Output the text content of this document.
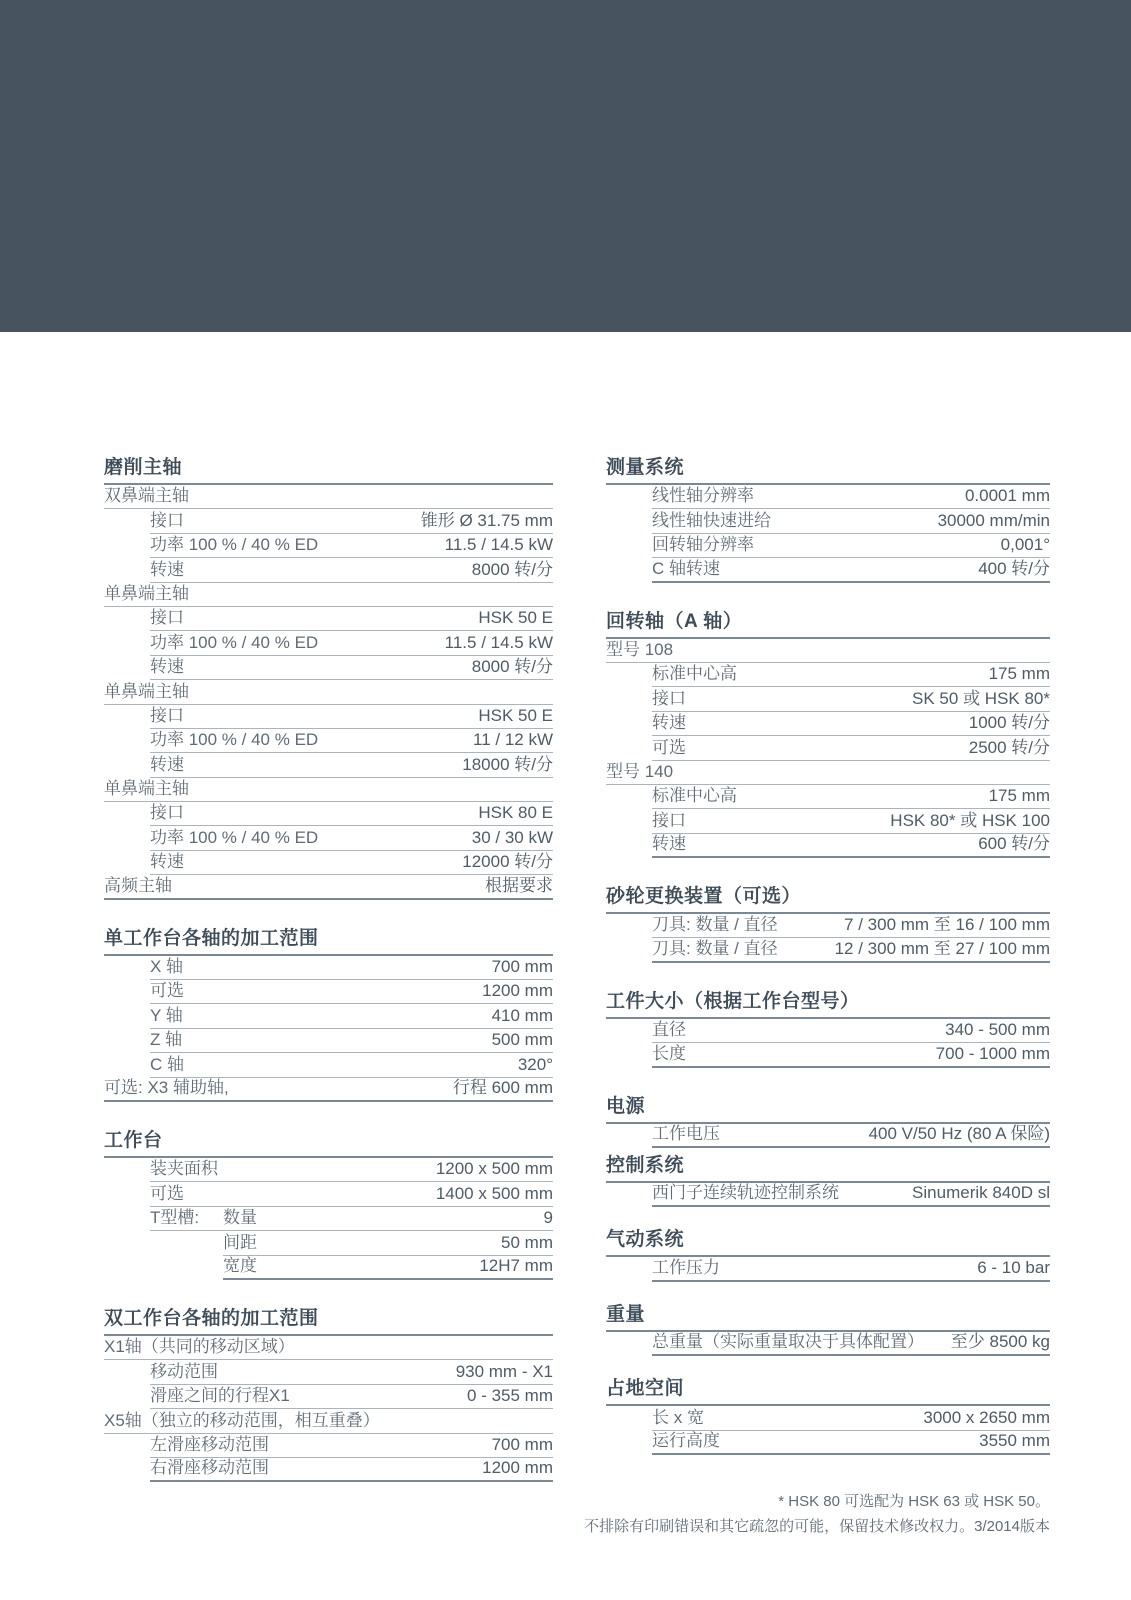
磨削主轴
双鼻端主轴
接口	锥形 Ø 31.75 mm
功率 100 % / 40 % ED	11.5 / 14.5 kW
转速	8000 转/分
单鼻端主轴
接口	HSK 50 E
功率 100 % / 40 % ED	11.5 / 14.5 kW
转速	8000 转/分
单鼻端主轴
接口	HSK 50 E
功率 100 % / 40 % ED	11 / 12 kW
转速	18000 转/分
单鼻端主轴
接口	HSK 80 E
功率 100 % / 40 % ED	30 / 30 kW
转速	12000 转/分
高频主轴	根据要求
单工作台各轴的加工范围
X 轴	700 mm
可选	1200 mm
Y 轴	410 mm
Z 轴	500 mm
C 轴	320°
可选: X3 辅助轴,	行程 600 mm
工作台
装夹面积	1200 x 500 mm
可选	1400 x 500 mm
T型槽:	数量	9
间距	50 mm
宽度	12H7 mm
双工作台各轴的加工范围
X1轴（共同的移动区域）
移动范围	930 mm - X1
滑座之间的行程X1	0 - 355 mm
X5轴（独立的移动范围，相互重叠）
左滑座移动范围	700 mm
右滑座移动范围	1200 mm
测量系统
线性轴分辨率	0.0001 mm
线性轴快速进给	30000 mm/min
回转轴分辨率	0,001°
C 轴转速	400 转/分
回转轴（A 轴）
型号 108
标准中心高	175 mm
接口	SK 50 或 HSK 80*
转速	1000 转/分
可选	2500 转/分
型号 140
标准中心高	175 mm
接口	HSK 80* 或 HSK 100
转速	600 转/分
砂轮更换装置（可选）
刀具: 数量 / 直径	7 / 300 mm 至 16 / 100 mm
刀具: 数量 / 直径	12 / 300 mm 至 27 / 100 mm
工件大小（根据工作台型号）
直径	340 - 500 mm
长度	700 - 1000 mm
电源
工作电压	400 V/50 Hz (80 A 保险)
控制系统
西门子连续轨迹控制系统	Sinumerik 840D sl
气动系统
工作压力	6 - 10 bar
重量
总重量（实际重量取决于具体配置） 至少 8500 kg
占地空间
长 x 宽	3000 x 2650 mm
运行高度	3550 mm
* HSK 80 可选配为 HSK 63 或 HSK 50。
不排除有印刷错误和其它疏忽的可能，保留技术修改权力。3/2014版本
